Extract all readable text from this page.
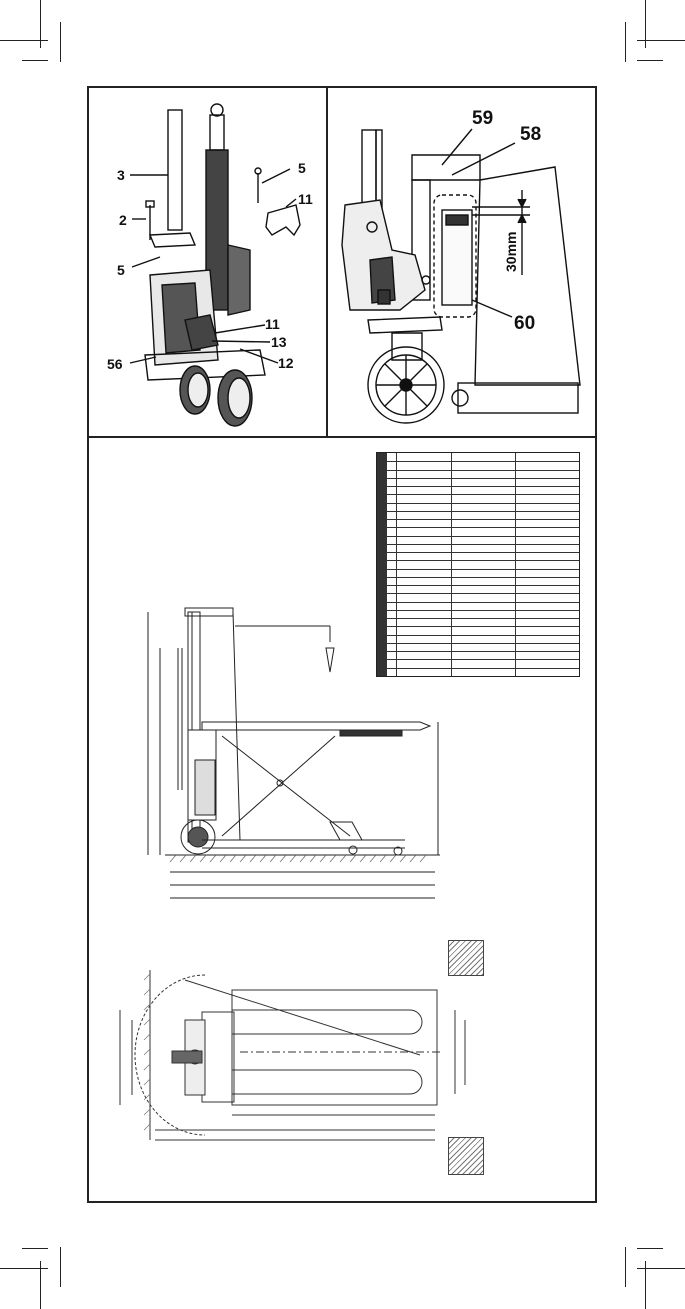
3
2
5
5
11
11
13
12
56
59
58
60
30mm
